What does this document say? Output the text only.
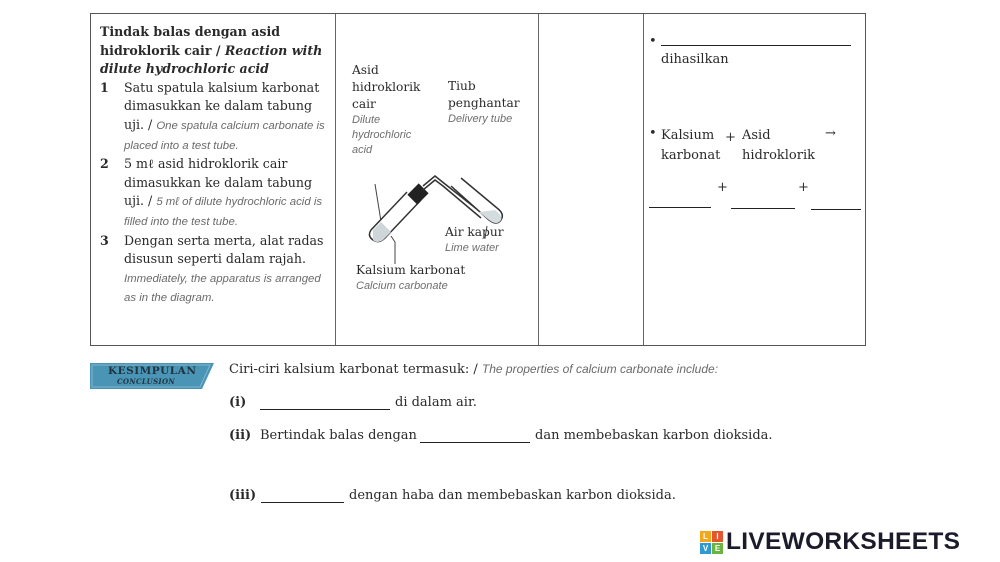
Tindak balas dengan asid hidroklorik cair / Reaction with dilute hydrochloric acid
1 Satu spatula kalsium karbonat dimasukkan ke dalam tabung uji. / One spatula calcium carbonate is placed into a test tube.
2 5 mℓ asid hidroklorik cair dimasukkan ke dalam tabung uji. / 5 mℓ of dilute hydrochloric acid is filled into the test tube.
3 Dengan serta merta, alat radas disusun seperti dalam rajah. Immediately, the apparatus is arranged as in the diagram.
Asid hidroklorik cair
Dilute hydrochloric acid
Tiub penghantar
Delivery tube
Air kapur
Lime water
Kalsium karbonat
Calcium carbonate
•
dihasilkan
• Kalsium karbonat
+ Asid hidroklorik
→
+	+
KESIMPULAN
CONCLUSION
Ciri-ciri kalsium karbonat termasuk: / The properties of calcium carbonate include:
(i)	di dalam air.
(ii) Bertindak balas dengan	dan membebaskan karbon dioksida.
(iii)	dengan haba dan membebaskan karbon dioksida.
L	I
V E LIVEWORKSHEETS
